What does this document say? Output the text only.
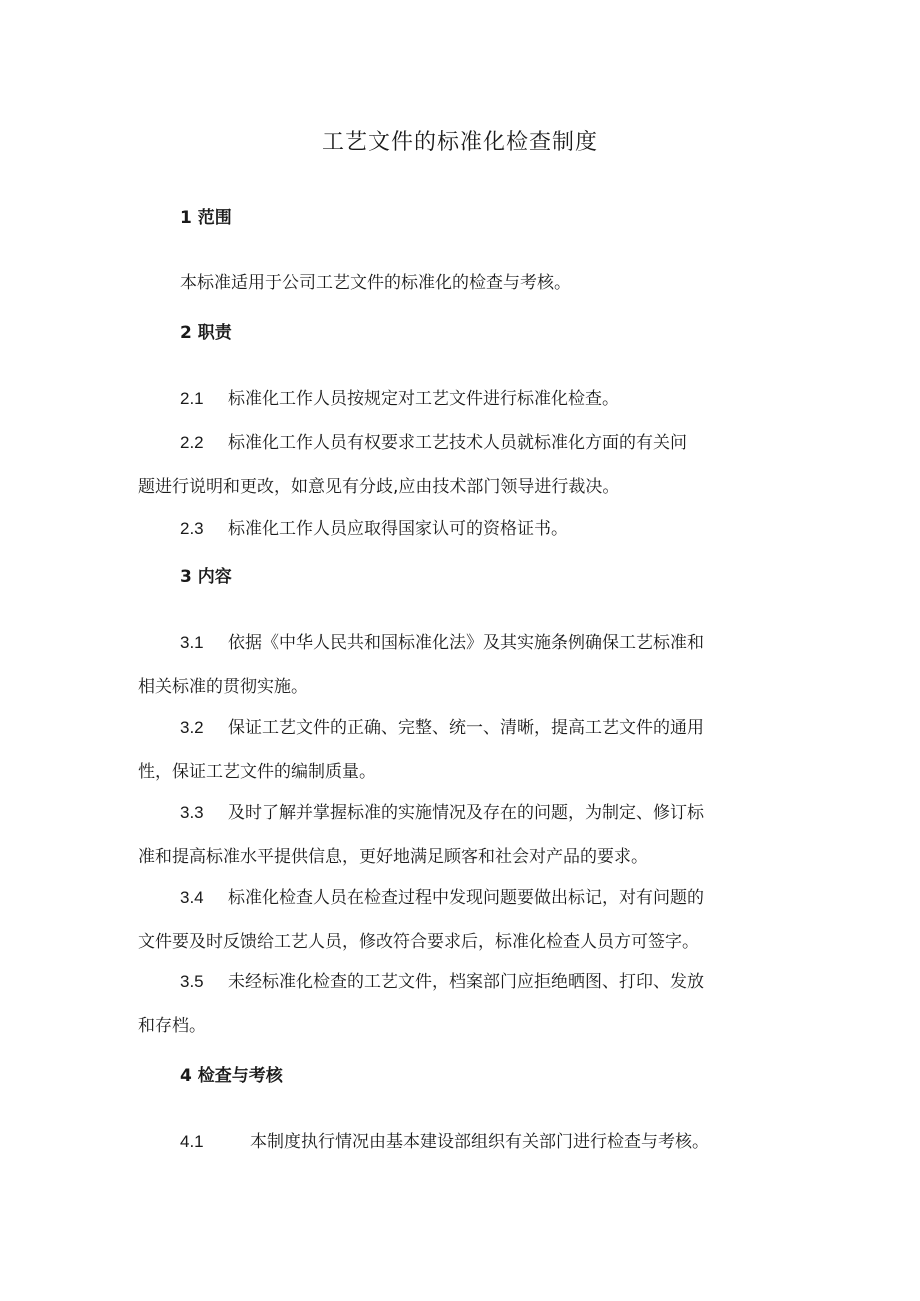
工艺文件的标准化检查制度
1 范围
本标准适用于公司工艺文件的标准化的检查与考核。
2 职责
2.1 标准化工作人员按规定对工艺文件进行标准化检查。
2.2 标准化工作人员有权要求工艺技术人员就标准化方面的有关问
题进行说明和更改，如意见有分歧,应由技术部门领导进行裁决。
2.3 标准化工作人员应取得国家认可的资格证书。
3 内容
3.1 依据《中华人民共和国标准化法》及其实施条例确保工艺标准和
相关标准的贯彻实施。
3.2 保证工艺文件的正确、完整、统一、清晰，提高工艺文件的通用
性，保证工艺文件的编制质量。
3.3 及时了解并掌握标准的实施情况及存在的问题，为制定、修订标
准和提高标准水平提供信息，更好地满足顾客和社会对产品的要求。
3.4 标准化检查人员在检查过程中发现问题要做出标记，对有问题的
文件要及时反馈给工艺人员，修改符合要求后，标准化检查人员方可签字。
3.5 未经标准化检查的工艺文件，档案部门应拒绝晒图、打印、发放
和存档。
4 检查与考核
4.1	本制度执行情况由基本建设部组织有关部门进行检查与考核。
